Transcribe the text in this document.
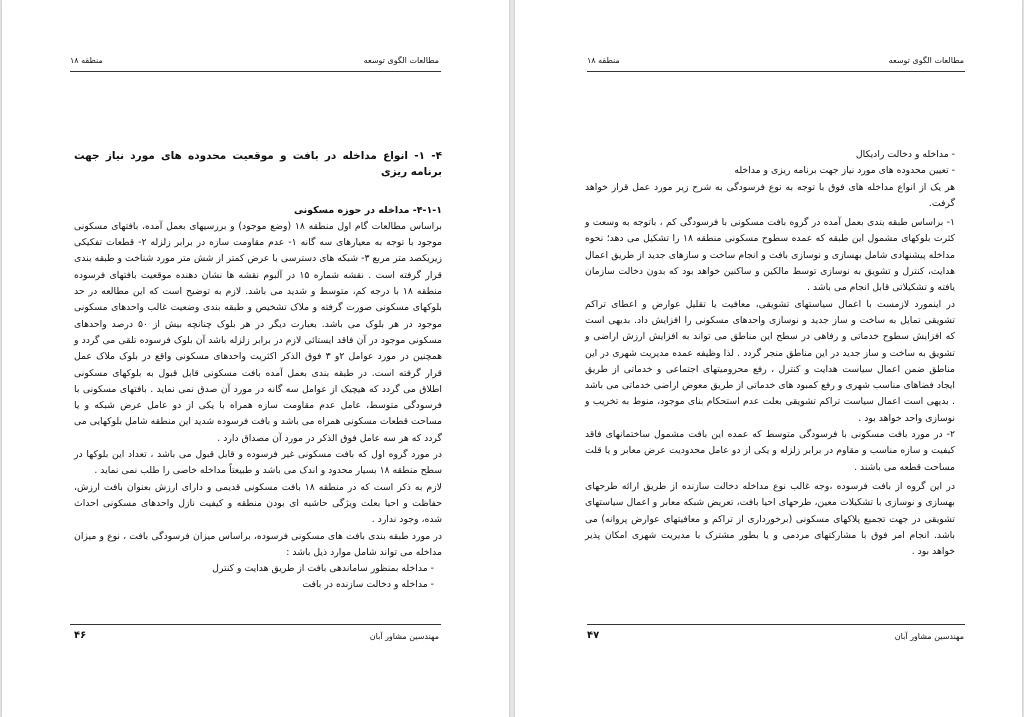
منطقه ۱۸	مطالعات الگوی توسعه
۴- ۱- انواع مداخله در بافت و موقعیت محدوده های مورد نیاز جهت برنامه ریزی
۴-۱-۱- مداخله در حوزه مسکونی

براساس مطالعات گام اول منطقه ۱۸ (وضع موجود) و بررسیهای بعمل آمده، بافتهای مسکونی موجود با توجه به معیارهای سه گانه ۱- عدم مقاومت سازه در برابر زلزله ۲- قطعات تفکیکی زیریکصد متر مربع ۳- شبکه های دسترسی با عرض کمتر از شش متر مورد شناخت و طبقه بندی قرار گرفته است . نقشه شماره ۱۵ در آلبوم نقشه ها نشان دهنده موقعیت بافتهای فرسوده منطقه ۱۸ با درجه کم، متوسط و شدید می باشد. لازم به توضیح است که این مطالعه در حد بلوکهای مسکونی صورت گرفته و ملاک تشخیص و طبقه بندی وضعیت غالب واحدهای مسکونی موجود در هر بلوک می باشد. بعبارت دیگر در هر بلوک چنانچه بیش از ۵۰ درصد واحدهای مسکونی موجود در آن فاقد ایستائی لازم در برابر زلزله باشد آن بلوک فرسوده تلقی می گردد و همچنین در مورد عوامل ۲و ۳ فوق الذکر اکثریت واحدهای مسکونی واقع در بلوک ملاک عمل قرار گرفته است. در طبقه بندی بعمل آمده بافت مسکونی قابل قبول به بلوکهای مسکونی اطلاق می گردد که هیچیک از عوامل سه گانه در مورد آن صدق نمی نماید . بافتهای مسکونی با فرسودگی متوسط، عامل عدم مقاومت سازه همراه با یکی از دو عامل عرض شبکه و یا مساحت قطعات مسکونی همراه می باشد و بافت فرسوده شدید این منطقه شامل بلوکهایی می گردد که هر سه عامل فوق الذکر در مورد آن مصداق دارد .

در مورد گروه اول که بافت مسکونی غیر فرسوده و قابل قبول می باشد ، تعداد این بلوکها در سطح منطقه ۱۸ بسیار محدود و اندک می باشد و طبیعتاً مداخله خاصی را طلب نمی نماید .

لازم به ذکر است که در منطقه ۱۸ بافت مسکونی قدیمی و دارای ارزش بعنوان بافت ارزش، حفاظت و احیا بعلت ویژگی حاشیه ای بودن منطقه و کیفیت نازل واحدهای مسکونی احداث شده، وجود ندارد .

در مورد طبقه بندی بافت های مسکونی فرسوده، براساس میزان فرسودگی بافت ، نوع و میزان مداخله می تواند شامل موارد ذیل باشد :

- مداخله بمنظور ساماندهی بافت از طریق هدایت و کنترل

- مداخله و دخالت سازنده در بافت

۴۶	مهندسین مشاور آبان
منطقه ۱۸	مطالعات الگوی توسعه

- مداخله و دخالت رادیکال

- تعیین محدوده های مورد نیاز جهت برنامه ریزی و مداخله

هر یک از انواع مداخله های فوق با توجه به نوع فرسودگی به شرح زیر مورد عمل قرار خواهد گرفت.

۱- براساس طبقه بندی بعمل آمده در گروه بافت مسکونی با فرسودگی کم ، باتوجه به وسعت و کثرت بلوکهای مشمول این طبقه که عمده سطوح مسکونی منطقه ۱۸ را تشکیل می دهد؛ نحوه مداخله پیشنهادی شامل بهسازی و نوسازی بافت و انجام ساخت و سازهای جدید از طریق اعمال هدایت، کنترل و تشویق به نوسازی توسط مالکین و ساکنین خواهد بود که بدون دخالت سازمان یافته و تشکیلاتی قابل انجام می باشد .

در اینمورد لازمست با اعمال سیاستهای تشویقی، معافیت یا تقلیل عوارض و اعطای تراکم تشویقی تمایل به ساخت و ساز جدید و نوسازی واحدهای مسکونی را افزایش داد. بدیهی است که افزایش سطوح خدماتی و رفاهی در سطح این مناطق می تواند به افزایش ارزش اراضی و تشویق به ساخت و ساز جدید در این مناطق منجر گردد . لذا وظیفه عمده مدیریت شهری در این مناطق ضمن اعمال سیاست هدایت و کنترل ، رفع محرومیتهای اجتماعی و خدماتی از طریق ایجاد فضاهای مناسب شهری و رفع کمبود های خدماتی از طریق معوض اراضی خدماتی می باشد . بدیهی است اعمال سیاست تراکم تشویقی بعلت عدم استحکام بنای موجود، منوط به تخریب و نوسازی واحد خواهد بود .

۲- در مورد بافت مسکونی با فرسودگی متوسط که عمده این بافت مشمول ساختمانهای فاقد کیفیت و سازه مناسب و مقاوم در برابر زلزله و یکی از دو عامل محدودیت عرض معابر و یا قلت مساحت قطعه می باشند .

در این گروه از بافت فرسوده ،وجه غالب نوع مداخله دخالت سازنده از طریق ارائه طرحهای بهسازی و نوسازی با تشکیلات معین، طرحهای احیا بافت، تعریض شبکه معابر و اعمال سیاستهای تشویقی در جهت تجمیع پلاکهای مسکونی (برخورداری از تراکم و معافیتهای عوارض پروانه) می باشد. انجام امر فوق با مشارکتهای مردمی و یا بطور مشترک با مدیریت شهری امکان پذیر خواهد بود .

۴۷	مهندسین مشاور آبان
